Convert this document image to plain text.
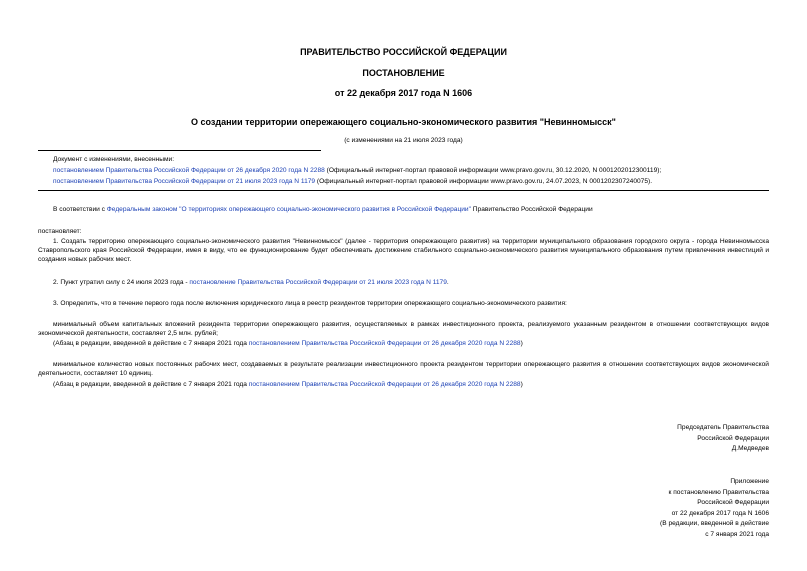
ПРАВИТЕЛЬСТВО РОССИЙСКОЙ ФЕДЕРАЦИИ
ПОСТАНОВЛЕНИЕ
от 22 декабря 2017 года N 1606
О создании территории опережающего социально-экономического развития "Невинномысск"
(с изменениями на 21 июля 2023 года)
Документ с изменениями, внесенными:
постановлением Правительства Российской Федерации от 26 декабря 2020 года N 2288 (Официальный интернет-портал правовой информации www.pravo.gov.ru, 30.12.2020, N 0001202012300119);
постановлением Правительства Российской Федерации от 21 июля 2023 года N 1179 (Официальный интернет-портал правовой информации www.pravo.gov.ru, 24.07.2023, N 0001202307240075).
В соответствии с Федеральным законом "О территориях опережающего социально-экономического развития в Российской Федерации" Правительство Российской Федерации
постановляет:
1. Создать территорию опережающего социально-экономического развития "Невинномысск" (далее - территория опережающего развития) на территории муниципального образования городского округа - города Невинномысска Ставропольского края Российской Федерации, имея в виду, что ее функционирование будет обеспечивать достижение стабильного социально-экономического развития муниципального образования путем привлечения инвестиций и создания новых рабочих мест.
2. Пункт утратил силу с 24 июля 2023 года - постановление Правительства Российской Федерации от 21 июля 2023 года N 1179.
3. Определить, что в течение первого года после включения юридического лица в реестр резидентов территории опережающего социально-экономического развития:
минимальный объем капитальных вложений резидента территории опережающего развития, осуществляемых в рамках инвестиционного проекта, реализуемого указанным резидентом в отношении соответствующих видов экономической деятельности, составляет 2,5 млн. рублей;
(Абзац в редакции, введенной в действие с 7 января 2021 года постановлением Правительства Российской Федерации от 26 декабря 2020 года N 2288)
минимальное количество новых постоянных рабочих мест, создаваемых в результате реализации инвестиционного проекта резидентом территории опережающего развития в отношении соответствующих видов экономической деятельности, составляет 10 единиц.
(Абзац в редакции, введенной в действие с 7 января 2021 года постановлением Правительства Российской Федерации от 26 декабря 2020 года N 2288)
Председатель Правительства
Российской Федерации
Д.Медведев
Приложение
к постановлению Правительства
Российской Федерации
от 22 декабря 2017 года N 1606
(В редакции, введенной в действие
с 7 января 2021 года
